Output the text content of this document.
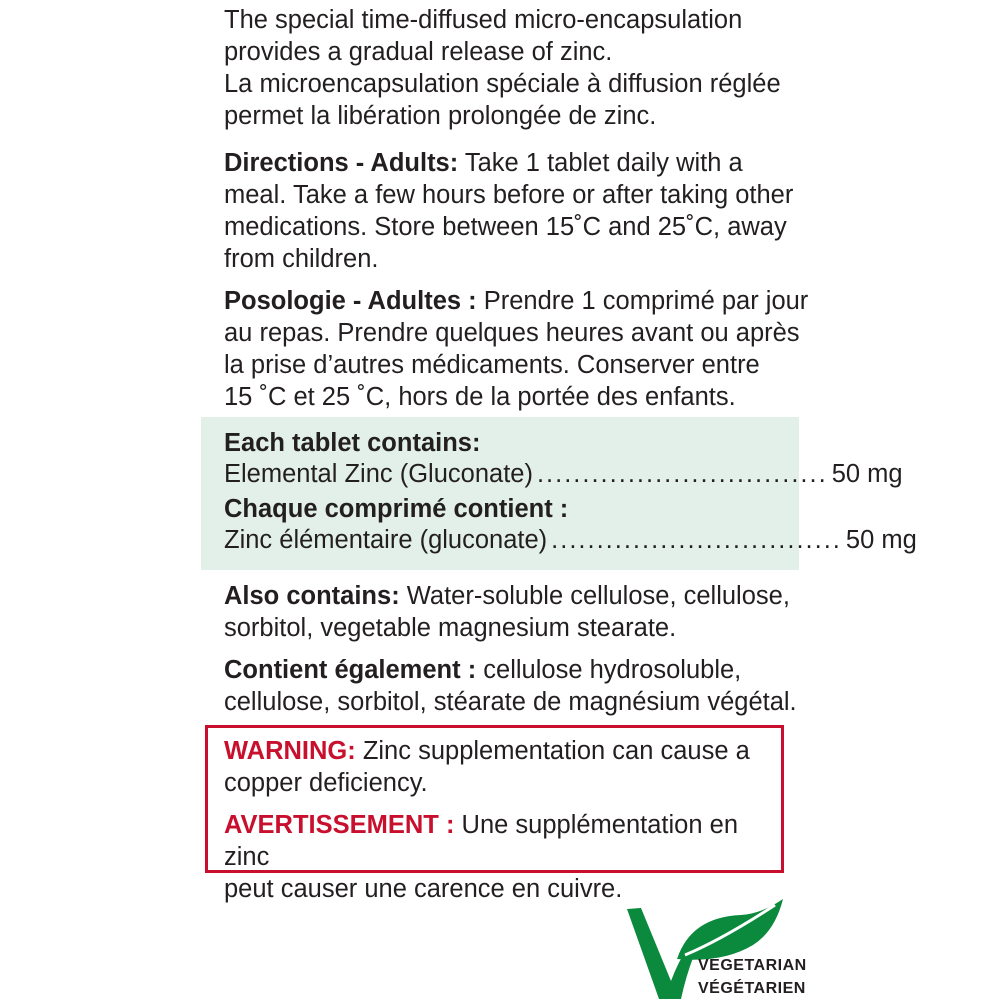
The special time-diffused micro-encapsulation
provides a gradual release of zinc.
La microencapsulation spéciale à diffusion réglée
permet la libération prolongée de zinc.
Directions - Adults: Take 1 tablet daily with a
meal. Take a few hours before or after taking other
medications. Store between 15˚C and 25˚C, away
from children.
Posologie - Adultes : Prendre 1 comprimé par jour
au repas. Prendre quelques heures avant ou après
la prise d’autres médicaments. Conserver entre
15 ˚C et 25 ˚C, hors de la portée des enfants.
Each tablet contains:
Elemental Zinc (Gluconate) ................................ 50 mg
Chaque comprimé contient :
Zinc élémentaire (gluconate) ................................ 50 mg
Also contains: Water-soluble cellulose, cellulose,
sorbitol, vegetable magnesium stearate.
Contient également : cellulose hydrosoluble,
cellulose, sorbitol, stéarate de magnésium végétal.
WARNING: Zinc supplementation can cause a
copper deficiency.
AVERTISSEMENT : Une supplémentation en zinc
peut causer une carence en cuivre.
VEGETARIAN
VÉGÉTARIEN
